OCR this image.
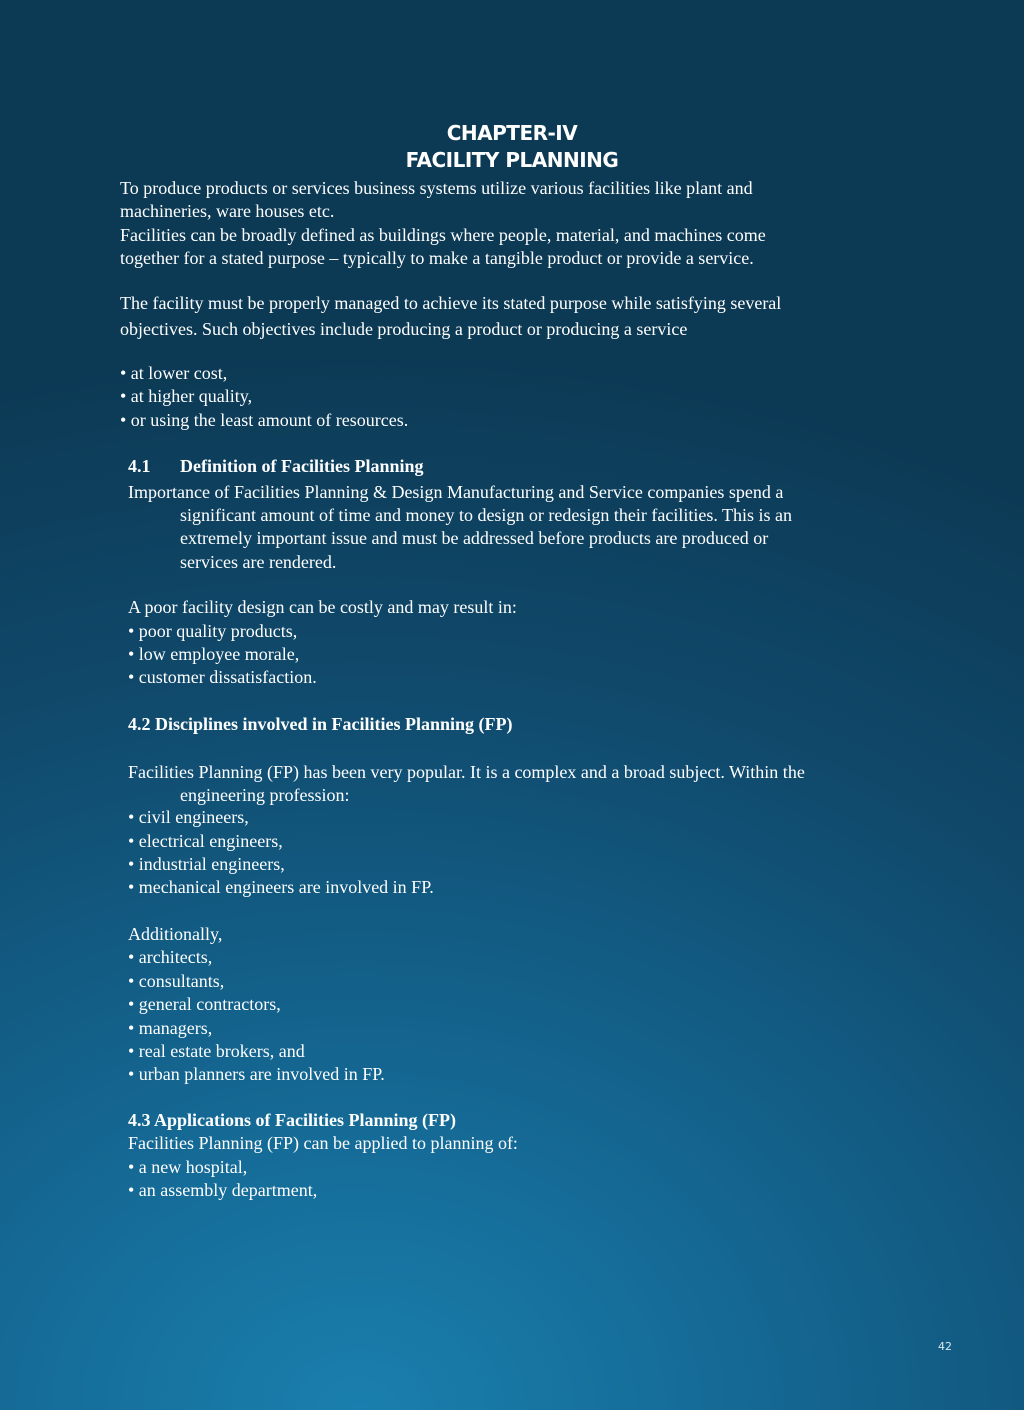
CHAPTER-IV
FACILITY PLANNING
To produce products or services business systems utilize various facilities like plant and
machineries, ware houses etc.
Facilities can be broadly defined as buildings where people, material, and machines come
together for a stated purpose – typically to make a tangible product or provide a service.
The facility must be properly managed to achieve its stated purpose while satisfying several
objectives. Such objectives include producing a product or producing a service
• at lower cost,
• at higher quality,
• or using the least amount of resources.
4.1 Definition of Facilities Planning
Importance of Facilities Planning & Design Manufacturing and Service companies spend a
significant amount of time and money to design or redesign their facilities. This is an
extremely important issue and must be addressed before products are produced or
services are rendered.
A poor facility design can be costly and may result in:
• poor quality products,
• low employee morale,
• customer dissatisfaction.
4.2 Disciplines involved in Facilities Planning (FP)
Facilities Planning (FP) has been very popular. It is a complex and a broad subject. Within the
engineering profession:
• civil engineers,
• electrical engineers,
• industrial engineers,
• mechanical engineers are involved in FP.
Additionally,
• architects,
• consultants,
• general contractors,
• managers,
• real estate brokers, and
• urban planners are involved in FP.
4.3 Applications of Facilities Planning (FP)
Facilities Planning (FP) can be applied to planning of:
• a new hospital,
• an assembly department,
42
